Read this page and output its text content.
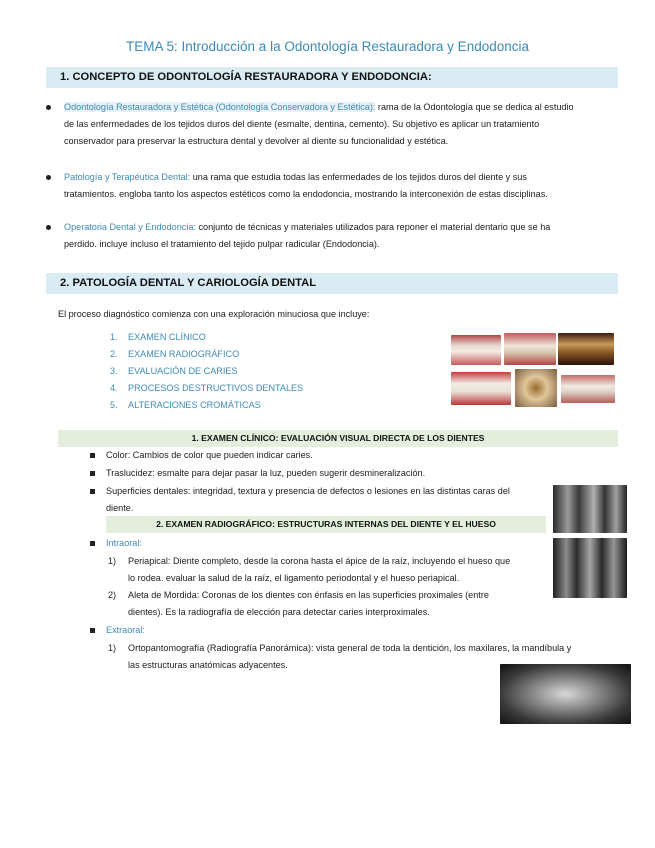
TEMA 5: Introducción a la Odontología Restauradora y Endodoncia
1. CONCEPTO DE ODONTOLOGÍA RESTAURADORA Y ENDODONCIA:
Odontología Restauradora y Estética (Odontología Conservadora y Estética): rama de la Odontología que se dedica al estudio
de las enfermedades de los tejidos duros del diente (esmalte, dentina, cemento). Su objetivo es aplicar un tratamiento
conservador para preservar la estructura dental y devolver al diente su funcionalidad y estética.
Patología y Terapéutica Dental: una rama que estudia todas las enfermedades de los tejidos duros del diente y sus
tratamientos. engloba tanto los aspectos estéticos como la endodoncia, mostrando la interconexión de estas disciplinas.
Operatoria Dental y Endodoncia: conjunto de técnicas y materiales utilizados para reponer el material dentario que se ha
perdido. incluye incluso el tratamiento del tejido pulpar radicular (Endodoncia).
2. PATOLOGÍA DENTAL Y CARIOLOGÍA DENTAL
El proceso diagnóstico comienza con una exploración minuciosa que incluye:
1. EXAMEN CLÍNICO
2. EXAMEN RADIOGRÁFICO
3. EVALUACIÓN DE CARIES
4. PROCESOS DESTRUCTIVOS DENTALES
5. ALTERACIONES CROMÁTICAS
1. EXAMEN CLÍNICO: EVALUACIÓN VISUAL DIRECTA DE LOS DIENTES
Color: Cambios de color que pueden indicar caries.
Traslucidez: esmalte para dejar pasar la luz, pueden sugerir desmineralización.
Superficies dentales: integridad, textura y presencia de defectos o lesiones en las distintas caras del
diente.
2. EXAMEN RADIOGRÁFICO: ESTRUCTURAS INTERNAS DEL DIENTE Y EL HUESO
Intraoral:
1) Periapical: Diente completo, desde la corona hasta el ápice de la raíz, incluyendo el hueso que
lo rodea. evaluar la salud de la raíz, el ligamento periodontal y el hueso periapical.
2) Aleta de Mordida: Coronas de los dientes con énfasis en las superficies proximales (entre
dientes). Es la radiografía de elección para detectar caries interproximales.
Extraoral:
1) Ortopantomografía (Radiografía Panorámica): vista general de toda la dentición, los maxilares, la mandíbula y
las estructuras anatómicas adyacentes.
